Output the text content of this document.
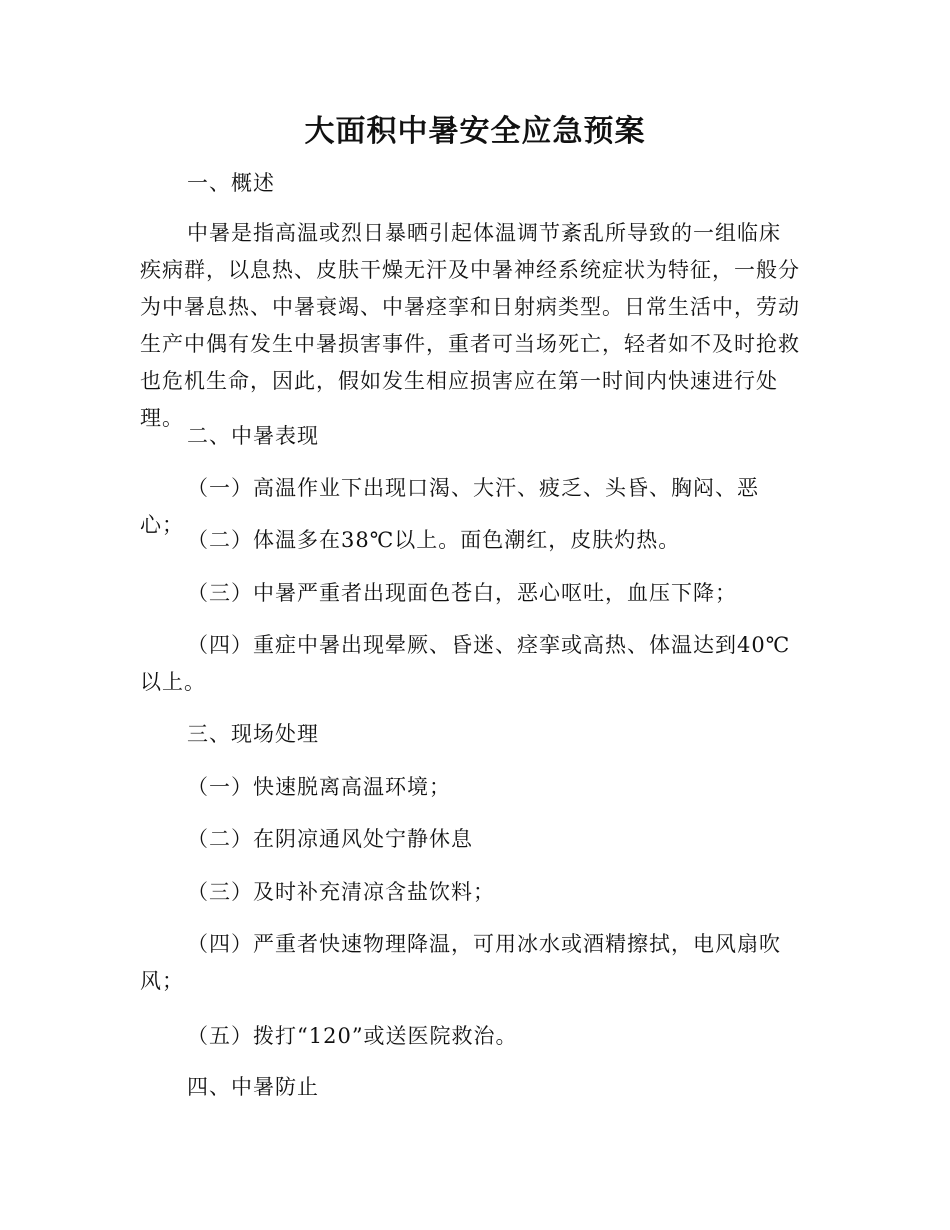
大面积中暑安全应急预案
一、概述
中暑是指高温或烈日暴晒引起体温调节紊乱所导致的一组临床疾病群，以息热、皮肤干燥无汗及中暑神经系统症状为特征，一般分为中暑息热、中暑衰竭、中暑痉挛和日射病类型。日常生活中，劳动生产中偶有发生中暑损害事件，重者可当场死亡，轻者如不及时抢救也危机生命，因此，假如发生相应损害应在第一时间内快速进行处理。
二、中暑表现
（一）高温作业下出现口渴、大汗、疲乏、头昏、胸闷、恶心；
（二）体温多在38℃以上。面色潮红，皮肤灼热。
（三）中暑严重者出现面色苍白，恶心呕吐，血压下降；
（四）重症中暑出现晕厥、昏迷、痉挛或高热、体温达到40℃以上。
三、现场处理
（一）快速脱离高温环境；
（二）在阴凉通风处宁静休息
（三）及时补充清凉含盐饮料；
（四）严重者快速物理降温，可用冰水或酒精擦拭，电风扇吹风；
（五）拨打“120”或送医院救治。
四、中暑防止
